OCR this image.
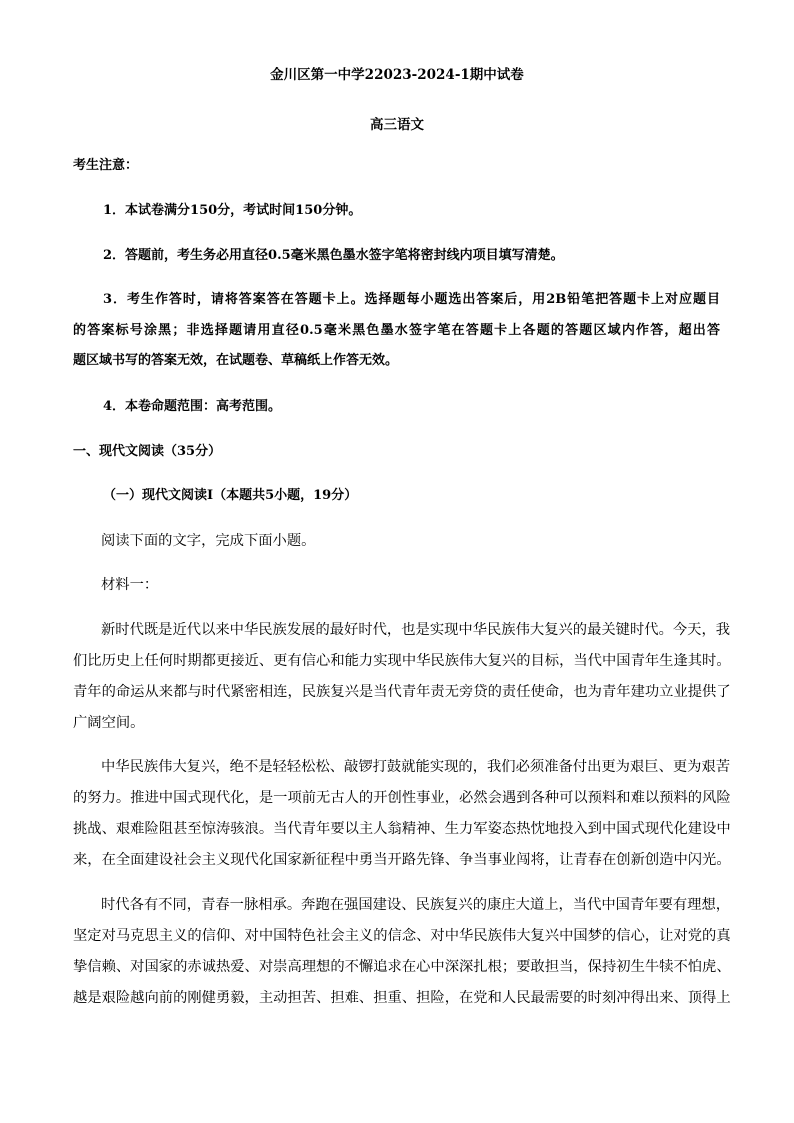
金川区第一中学22023-2024-1期中试卷
高三语文
考生注意：
1．本试卷满分150分，考试时间150分钟。
2．答题前，考生务必用直径0.5毫米黑色墨水签字笔将密封线内项目填写清楚。
3．考生作答时，请将答案答在答题卡上。选择题每小题选出答案后，用2B铅笔把答题卡上对应题目
的答案标号涂黑；非选择题请用直径0.5毫米黑色墨水签字笔在答题卡上各题的答题区域内作答，超出答
题区域书写的答案无效，在试题卷、草稿纸上作答无效。
4．本卷命题范围：高考范围。
一、现代文阅读（35分）
（一）现代文阅读Ⅰ（本题共5小题，19分）
阅读下面的文字，完成下面小题。
材料一：
新时代既是近代以来中华民族发展的最好时代，也是实现中华民族伟大复兴的最关键时代。今天，我
们比历史上任何时期都更接近、更有信心和能力实现中华民族伟大复兴的目标，当代中国青年生逢其时。
青年的命运从来都与时代紧密相连，民族复兴是当代青年责无旁贷的责任使命，也为青年建功立业提供了
广阔空间。
中华民族伟大复兴，绝不是轻轻松松、敲锣打鼓就能实现的，我们必须准备付出更为艰巨、更为艰苦
的努力。推进中国式现代化，是一项前无古人的开创性事业，必然会遇到各种可以预料和难以预料的风险
挑战、艰难险阻甚至惊涛骇浪。当代青年要以主人翁精神、生力军姿态热忱地投入到中国式现代化建设中
来，在全面建设社会主义现代化国家新征程中勇当开路先锋、争当事业闯将，让青春在创新创造中闪光。
时代各有不同，青春一脉相承。奔跑在强国建设、民族复兴的康庄大道上，当代中国青年要有理想，
坚定对马克思主义的信仰、对中国特色社会主义的信念、对中华民族伟大复兴中国梦的信心，让对党的真
挚信赖、对国家的赤诚热爱、对崇高理想的不懈追求在心中深深扎根；要敢担当，保持初生牛犊不怕虎、
越是艰险越向前的刚健勇毅，主动担苦、担难、担重、担险，在党和人民最需要的时刻冲得出来、顶得上
